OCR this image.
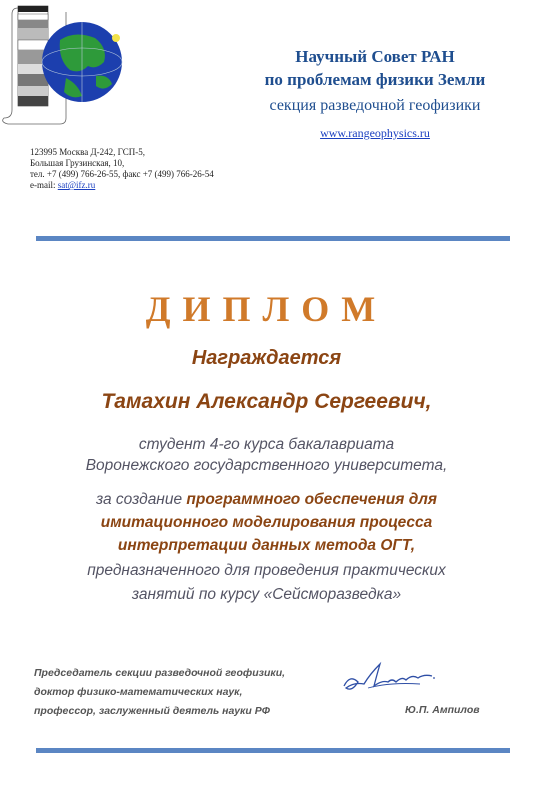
Научный Совет РАН
по проблемам физики Земли
секция разведочной геофизики
www.rangeophysics.ru
123995 Москва Д-242, ГСП-5,
Большая Грузинская, 10,
тел. +7 (499) 766-26-55, факс +7 (499) 766-26-54
e-mail: sat@ifz.ru
ДИПЛОМ
Награждается
Тамахин Александр Сергеевич,
студент 4-го курса бакалавриата
Воронежского государственного университета,
за создание программного обеспечения для
имитационного моделирования процесса
интерпретации данных метода ОГТ,
предназначенного для проведения практических
занятий по курсу «Сейсморазведка»
Председатель секции разведочной геофизики,
доктор физико-математических наук,
профессор, заслуженный деятель науки РФ	Ю.П. Ампилов
